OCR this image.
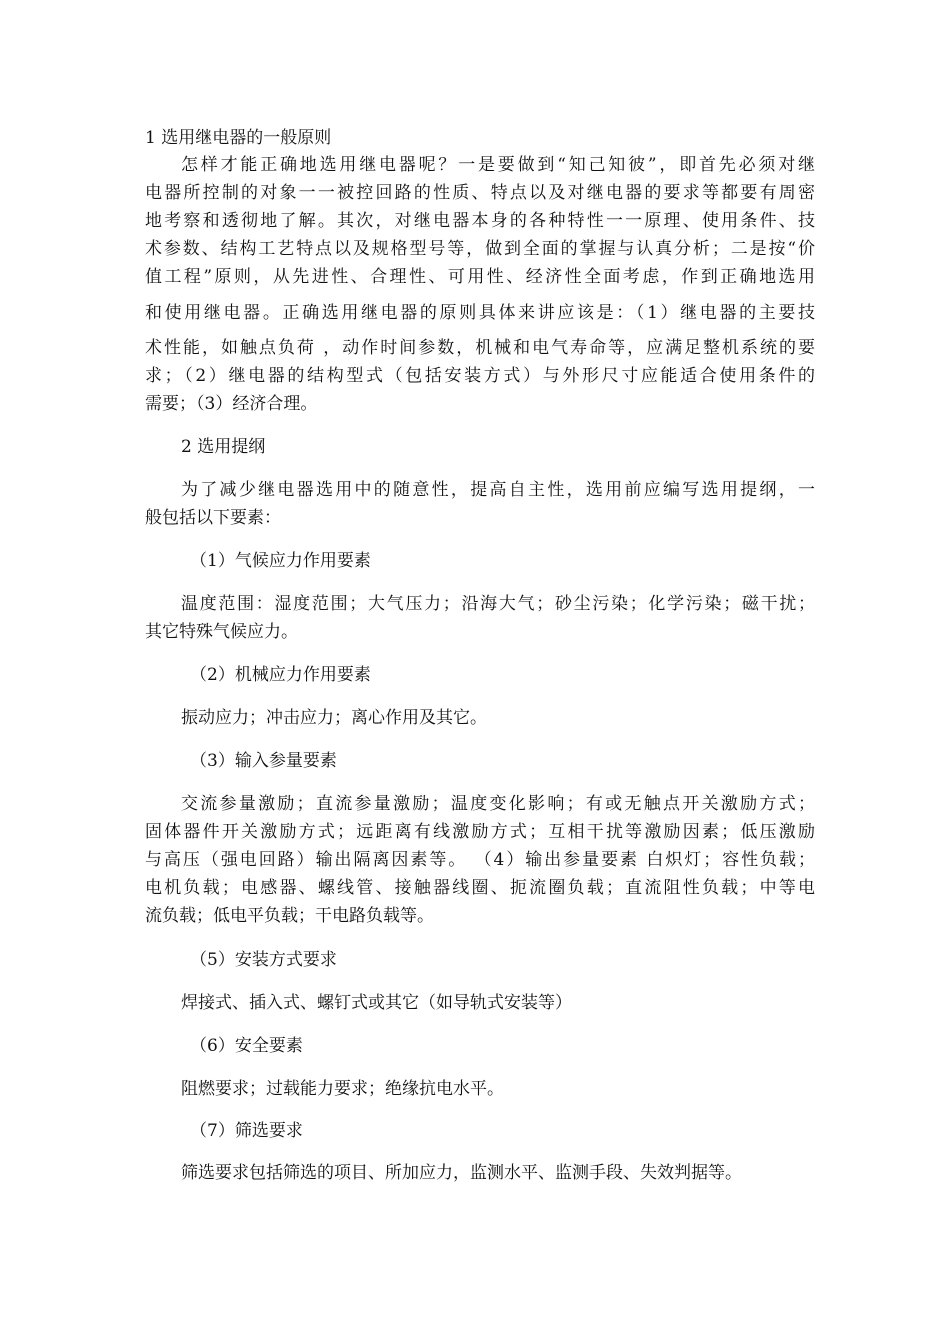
1 选用继电器的一般原则
怎样才能正确地选用继电器呢？一是要做到“知己知彼”，即首先必须对继
电器所控制的对象一一被控回路的性质、特点以及对继电器的要求等都要有周密
地考察和透彻地了解。其次，对继电器本身的各种特性一一原理、使用条件、技
术参数、结构工艺特点以及规格型号等，做到全面的掌握与认真分析；二是按“价
值工程”原则，从先进性、合理性、可用性、经济性全面考虑，作到正确地选用
和使用继电器。正确选用继电器的原则具体来讲应该是：（1）继电器的主要技
术性能，如触点负荷 ，动作时间参数，机械和电气寿命等，应满足整机系统的要
求；（2）继电器的结构型式（包括安装方式）与外形尺寸应能适合使用条件的
需要；（3）经济合理。
2 选用提纲
为了减少继电器选用中的随意性，提高自主性，选用前应编写选用提纲，一
般包括以下要素：
（1）气候应力作用要素
温度范围：湿度范围；大气压力；沿海大气；砂尘污染；化学污染；磁干扰；
其它特殊气候应力。
（2）机械应力作用要素
振动应力；冲击应力；离心作用及其它。
（3）输入参量要素
交流参量激励；直流参量激励；温度变化影响；有或无触点开关激励方式；
固体器件开关激励方式；远距离有线激励方式；互相干扰等激励因素；低压激励
与高压（强电回路）输出隔离因素等。 （4）输出参量要素 白炽灯；容性负载；
电机负载；电感器、螺线管、接触器线圈、扼流圈负载；直流阻性负载；中等电
流负载；低电平负载；干电路负载等。
（5）安装方式要求
焊接式、插入式、螺钉式或其它（如导轨式安装等）
（6）安全要素
阻燃要求；过载能力要求；绝缘抗电水平。
（7）筛选要求
筛选要求包括筛选的项目、所加应力，监测水平、监测手段、失效判据等。
